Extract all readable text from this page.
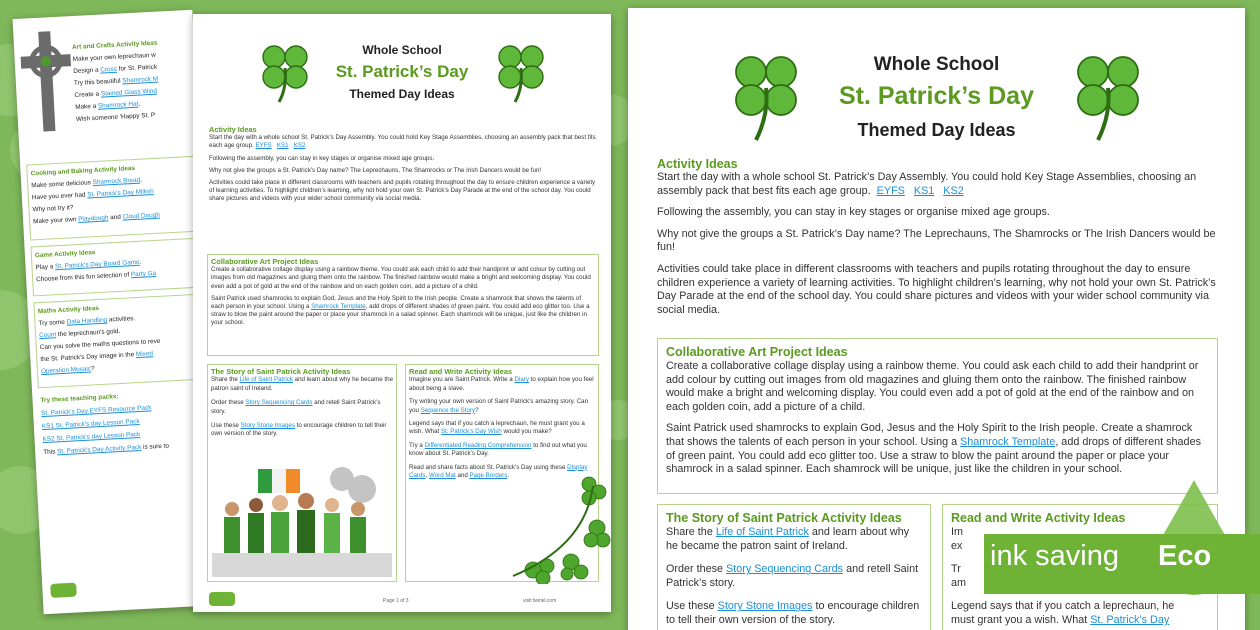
Art and Crafts Activity Ideas
Make your own leprechaun w
Design a Cross for St. Patrick
Try this beautiful Shamrock M
Create a Stained Glass Wind
Make a Shamrock Hat.
Wish someone 'Happy St. P
Cooking and Baking Activity Ideas
Make some delicious Shamrock Bread.
Have you ever had St. Patrick's Day Milksh
Why not try it?
Make your own Playdough and Cloud Dough
Game Activity Ideas
Play a St. Patrick's Day Board Game.
Choose from this fun selection of Party Ga
Maths Activity Ideas
Try some Data Handling activities.
Count the leprechaun's gold.
Can you solve the maths questions to reve
the St. Patrick's Day image in the Mixed
Operation Mosaic?
Try these teaching packs:
St. Patrick's Day EYFS Resource Pack
KS1 St. Patrick's day Lesson Pack
KS2 St. Patrick's day Lesson Pack
This St. Patrick's Day Activity Pack is sure to
Whole School
St. Patrick’s Day
Themed Day Ideas
Activity Ideas
Start the day with a whole school St. Patrick’s Day Assembly. You could hold Key Stage Assemblies, choosing an assembly pack that best fits each age group. EYFS KS1 KS2
Following the assembly, you can stay in key stages or organise mixed age groups.
Why not give the groups a St. Patrick’s Day name? The Leprechauns, The Shamrocks or The Irish Dancers would be fun!
Activities could take place in different classrooms with teachers and pupils rotating throughout the day to ensure children experience a variety of learning activities. To highlight children’s learning, why not hold your own St. Patrick’s Day Parade at the end of the school day. You could share pictures and videos with your wider school community via social media.
Collaborative Art Project Ideas
Create a collaborative collage display using a rainbow theme. You could ask each child to add their handprint or add colour by cutting out images from old magazines and gluing them onto the rainbow. The finished rainbow would make a bright and welcoming display. You could even add a pot of gold at the end of the rainbow and on each golden coin, add a picture of a child.
Saint Patrick used shamrocks to explain God, Jesus and the Holy Spirit to the Irish people. Create a shamrock that shows the talents of each person in your school. Using a Shamrock Template, add drops of different shades of green paint. You could add eco glitter too. Use a straw to blow the paint around the paper or place your shamrock in a salad spinner. Each shamrock will be unique, just like the children in your school.
The Story of Saint Patrick Activity Ideas
Share the Life of Saint Patrick and learn about why he became the patron saint of Ireland.
Order these Story Sequencing Cards and retell Saint Patrick’s story.
Use these Story Stone Images to encourage children to tell their own version of the story.
Read and Write Activity Ideas
Imagine you are Saint Patrick. Write a Diary to explain how you feel about being a slave.
Try writing your own version of Saint Patrick’s amazing story. Can you Sequence the Story?
Legend says that if you catch a leprechaun, he must grant you a wish. What St. Patrick’s Day Wish would you make?
Try a Differentiated Reading Comprehension to find out what you know about St. Patrick’s Day.
Read and share facts about St. Patrick’s Day using these Display Cards, Word Mat and Page Borders.
Page 1 of 3	visit twinkl.com
Whole School
St. Patrick’s Day
Themed Day Ideas
Activity Ideas
Start the day with a whole school St. Patrick’s Day Assembly. You could hold Key Stage Assemblies, choosing an assembly pack that best fits each age group. EYFS KS1 KS2
Following the assembly, you can stay in key stages or organise mixed age groups.
Why not give the groups a St. Patrick’s Day name? The Leprechauns, The Shamrocks or The Irish Dancers would be fun!
Activities could take place in different classrooms with teachers and pupils rotating throughout the day to ensure children experience a variety of learning activities. To highlight children’s learning, why not hold your own St. Patrick’s Day Parade at the end of the school day. You could share pictures and videos with your wider school community via social media.
Collaborative Art Project Ideas
Create a collaborative collage display using a rainbow theme. You could ask each child to add their handprint or add colour by cutting out images from old magazines and gluing them onto the rainbow. The finished rainbow would make a bright and welcoming display. You could even add a pot of gold at the end of the rainbow and on each golden coin, add a picture of a child.
Saint Patrick used shamrocks to explain God, Jesus and the Holy Spirit to the Irish people. Create a shamrock that shows the talents of each person in your school. Using a Shamrock Template, add drops of different shades of green paint. You could add eco glitter too. Use a straw to blow the paint around the paper or place your shamrock in a salad spinner. Each shamrock will be unique, just like the children in your school.
The Story of Saint Patrick Activity Ideas
Share the Life of Saint Patrick and learn about why he became the patron saint of Ireland.
Order these Story Sequencing Cards and retell Saint Patrick’s story.
Use these Story Stone Images to encourage children to tell their own version of the story.
Read and Write Activity Ideas
Im
ex
Tr
am
Legend says that if you catch a leprechaun, he
must grant you a wish. What St. Patrick’s Day
ink saving Eco
